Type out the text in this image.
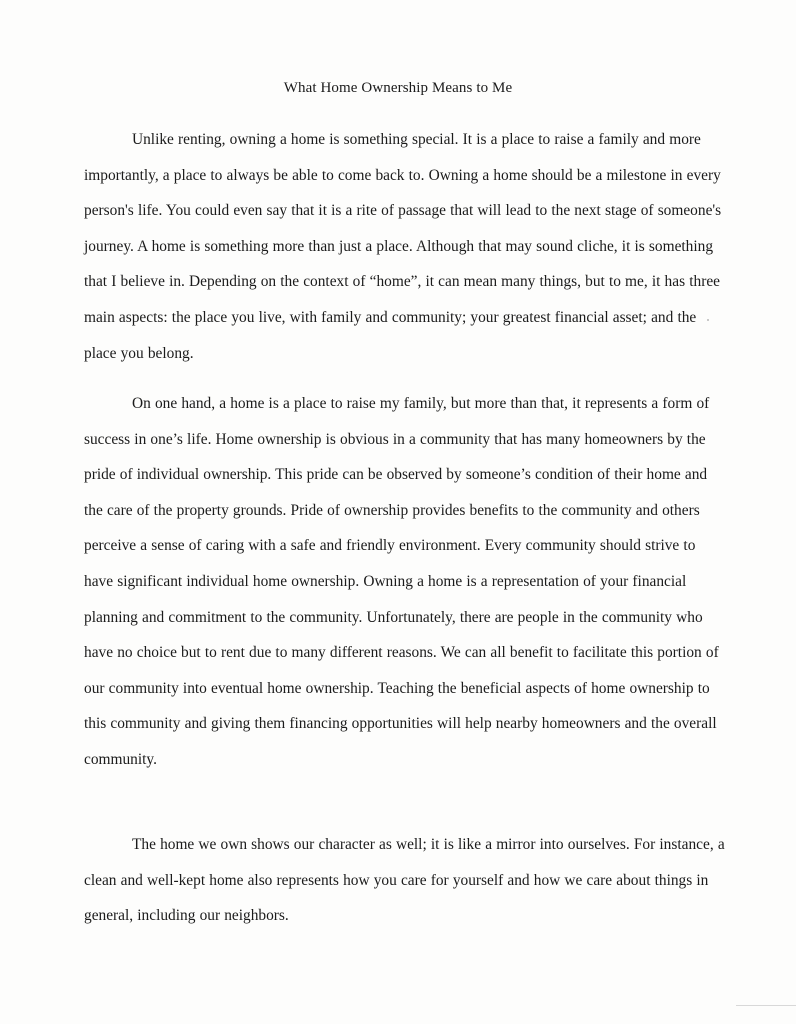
What Home Ownership Means to Me

Unlike renting, owning a home is something special. It is a place to raise a family and more importantly, a place to always be able to come back to. Owning a home should be a milestone in every person's life. You could even say that it is a rite of passage that will lead to the next stage of someone's journey. A home is something more than just a place. Although that may sound cliche, it is something that I believe in. Depending on the context of “home”, it can mean many things, but to me, it has three main aspects: the place you live, with family and community; your greatest financial asset; and the place you belong.

On one hand, a home is a place to raise my family, but more than that, it represents a form of success in one’s life. Home ownership is obvious in a community that has many homeowners by the pride of individual ownership. This pride can be observed by someone’s condition of their home and the care of the property grounds. Pride of ownership provides benefits to the community and others perceive a sense of caring with a safe and friendly environment. Every community should strive to have significant individual home ownership. Owning a home is a representation of your financial planning and commitment to the community. Unfortunately, there are people in the community who have no choice but to rent due to many different reasons. We can all benefit to facilitate this portion of our community into eventual home ownership. Teaching the beneficial aspects of home ownership to this community and giving them financing opportunities will help nearby homeowners and the overall community.

The home we own shows our character as well; it is like a mirror into ourselves. For instance, a clean and well-kept home also represents how you care for yourself and how we care about things in general, including our neighbors.
